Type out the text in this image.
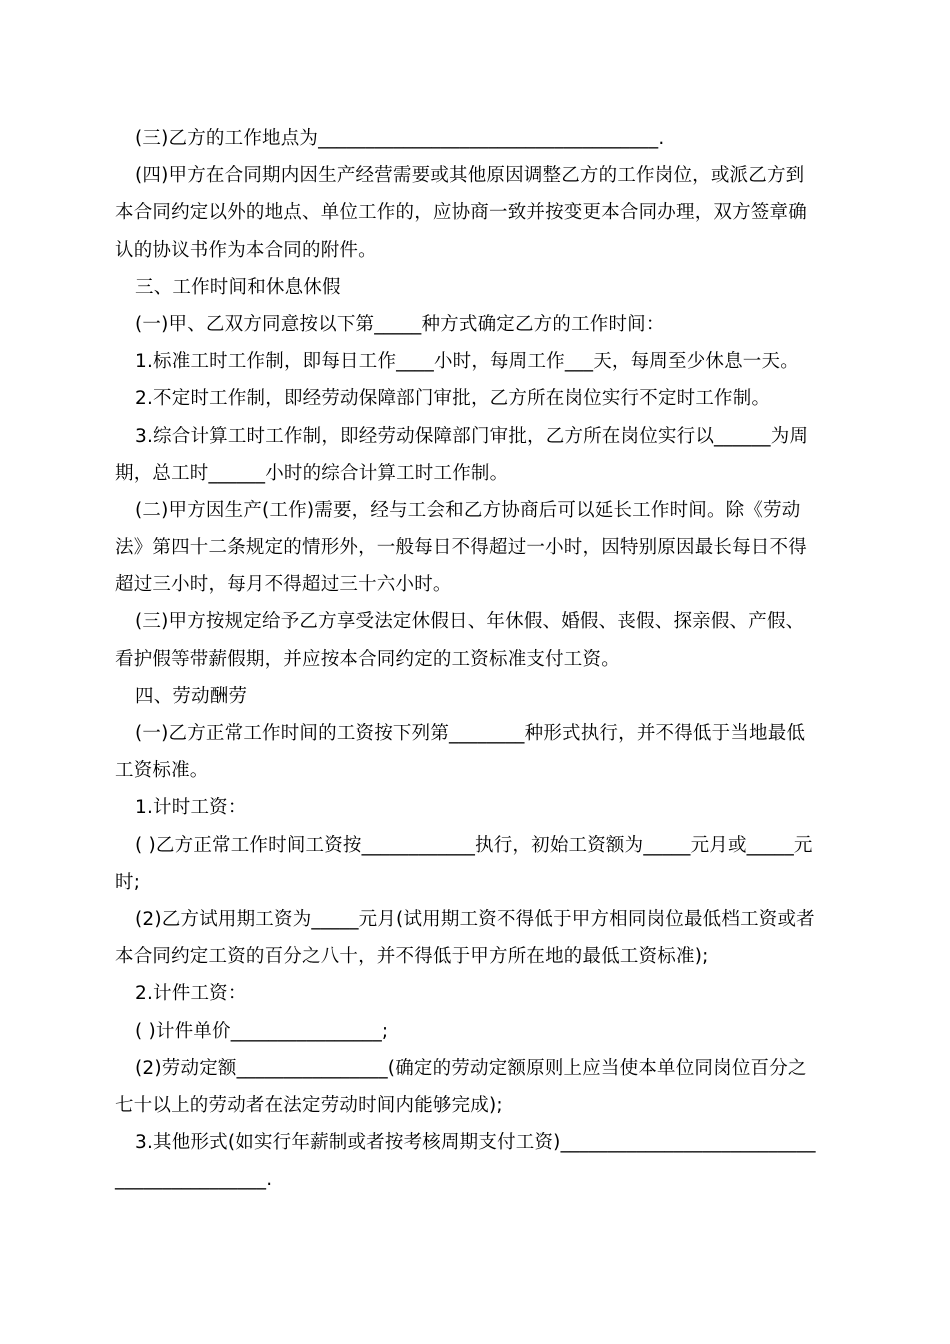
(三)乙方的工作地点为____________________________________.
(四)甲方在合同期内因生产经营需要或其他原因调整乙方的工作岗位，或派乙方到
本合同约定以外的地点、单位工作的，应协商一致并按变更本合同办理，双方签章确
认的协议书作为本合同的附件。
三、工作时间和休息休假
(一)甲、乙双方同意按以下第_____种方式确定乙方的工作时间：
1.标准工时工作制，即每日工作____小时，每周工作___天，每周至少休息一天。
2.不定时工作制，即经劳动保障部门审批，乙方所在岗位实行不定时工作制。
3.综合计算工时工作制，即经劳动保障部门审批，乙方所在岗位实行以______为周
期，总工时______小时的综合计算工时工作制。
(二)甲方因生产(工作)需要，经与工会和乙方协商后可以延长工作时间。除《劳动
法》第四十二条规定的情形外，一般每日不得超过一小时，因特别原因最长每日不得
超过三小时，每月不得超过三十六小时。
(三)甲方按规定给予乙方享受法定休假日、年休假、婚假、丧假、探亲假、产假、
看护假等带薪假期，并应按本合同约定的工资标准支付工资。
四、劳动酬劳
(一)乙方正常工作时间的工资按下列第________种形式执行，并不得低于当地最低
工资标准。
1.计时工资：
( )乙方正常工作时间工资按____________执行，初始工资额为_____元月或_____元
时;
(2)乙方试用期工资为_____元月(试用期工资不得低于甲方相同岗位最低档工资或者
本合同约定工资的百分之八十，并不得低于甲方所在地的最低工资标准);
2.计件工资：
( )计件单价________________;
(2)劳动定额________________(确定的劳动定额原则上应当使本单位同岗位百分之
七十以上的劳动者在法定劳动时间内能够完成);
3.其他形式(如实行年薪制或者按考核周期支付工资)___________________________
________________.
